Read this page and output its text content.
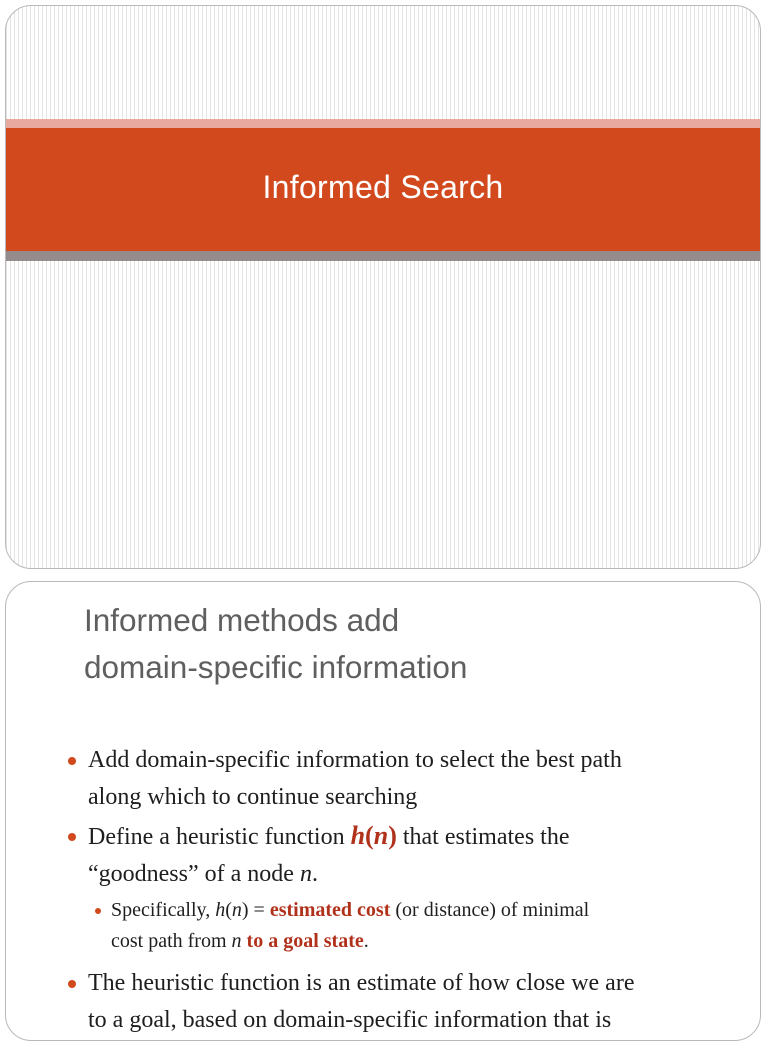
Informed Search
Informed methods add
domain-specific information
Add domain-specific information to select the best path
along which to continue searching
Define a heuristic function h(n) that estimates the
“goodness” of a node n.
Specifically, h(n) = estimated cost (or distance) of minimal
cost path from n to a goal state.
The heuristic function is an estimate of how close we are
to a goal, based on domain-specific information that is
